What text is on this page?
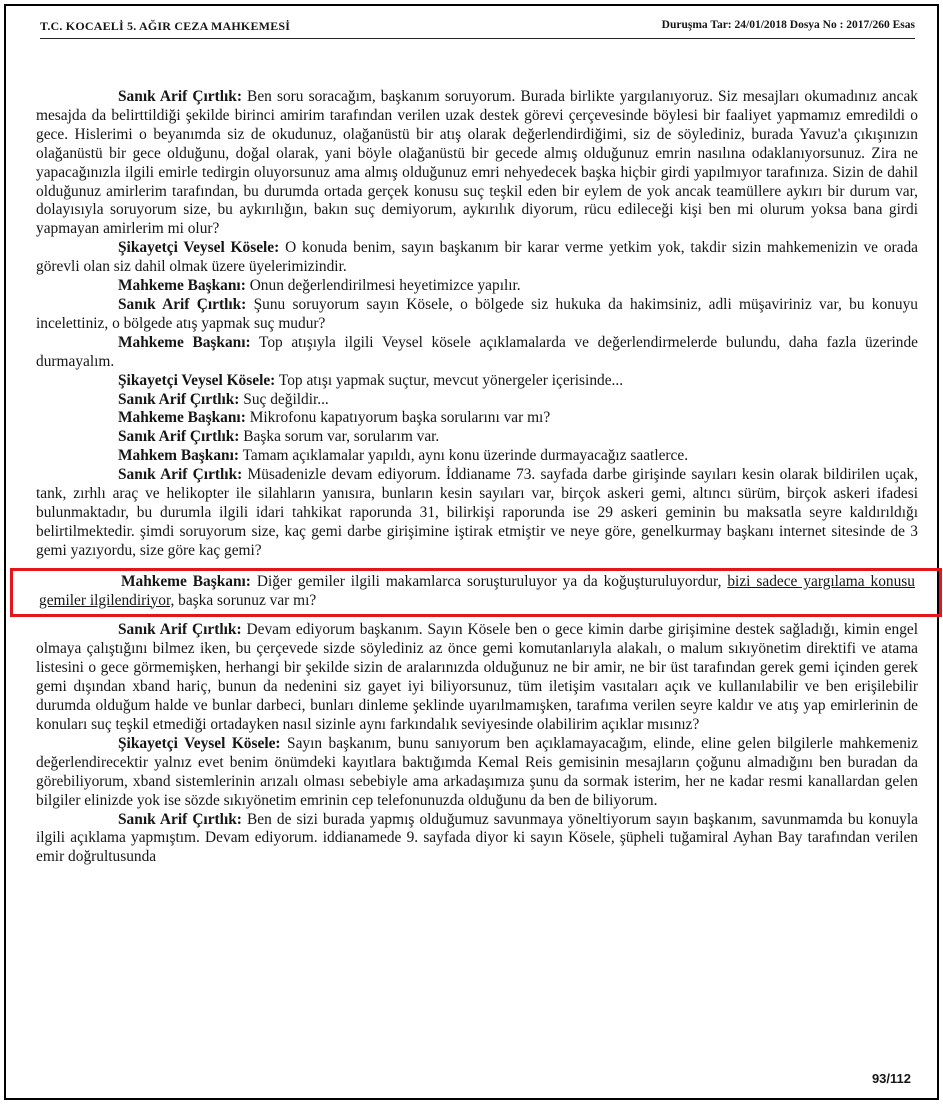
T.C. KOCAELİ 5. AĞIR CEZA MAHKEMESİ	Duruşma Tar: 24/01/2018 Dosya No : 2017/260 Esas

Sanık Arif Çırtlık: Ben soru soracağım, başkanım soruyorum. Burada birlikte yargılanıyoruz. Siz mesajları okumadınız ancak mesajda da belirttildiği şekilde birinci amirim tarafından verilen uzak destek görevi çerçevesinde böylesi bir faaliyet yapmamız emredildi o gece. Hislerimi o beyanımda siz de okudunuz, olağanüstü bir atış olarak değerlendirdiğimi, siz de söylediniz, burada Yavuz'a çıkışınızın olağanüstü bir gece olduğunu, doğal olarak, yani böyle olağanüstü bir gecede almış olduğunuz emrin nasılına odaklanıyorsunuz. Zira ne yapacağınızla ilgili emirle tedirgin oluyorsunuz ama almış olduğunuz emri nehyedecek başka hiçbir girdi yapılmıyor tarafınıza. Sizin de dahil olduğunuz amirlerim tarafından, bu durumda ortada gerçek konusu suç teşkil eden bir eylem de yok ancak teamüllere aykırı bir durum var, dolayısıyla soruyorum size, bu aykırılığın, bakın suç demiyorum, aykırılık diyorum, rücu edileceği kişi ben mi olurum yoksa bana girdi yapmayan amirlerim mi olur?

Şikayetçi Veysel Kösele: O konuda benim, sayın başkanım bir karar verme yetkim yok, takdir sizin mahkemenizin ve orada görevli olan siz dahil olmak üzere üyelerimizindir.

Mahkeme Başkanı: Onun değerlendirilmesi heyetimizce yapılır.

Sanık Arif Çırtlık: Şunu soruyorum sayın Kösele, o bölgede siz hukuka da hakimsiniz, adli müşaviriniz var, bu konuyu incelettiniz, o bölgede atış yapmak suç mudur?

Mahkeme Başkanı: Top atışıyla ilgili Veysel kösele açıklamalarda ve değerlendirmelerde bulundu, daha fazla üzerinde durmayalım.

Şikayetçi Veysel Kösele: Top atışı yapmak suçtur, mevcut yönergeler içerisinde...

Sanık Arif Çırtlık: Suç değildir...

Mahkeme Başkanı: Mikrofonu kapatıyorum başka sorularını var mı?

Sanık Arif Çırtlık: Başka sorum var, sorularım var.

Mahkem Başkanı: Tamam açıklamalar yapıldı, aynı konu üzerinde durmayacağız saatlerce.

Sanık Arif Çırtlık: Müsadenizle devam ediyorum. İddianame 73. sayfada darbe girişinde sayıları kesin olarak bildirilen uçak, tank, zırhlı araç ve helikopter ile silahların yanısıra, bunların kesin sayıları var, birçok askeri gemi, altıncı sürüm, birçok askeri ifadesi bulunmaktadır, bu durumla ilgili idari tahkikat raporunda 31, bilirkişi raporunda ise 29 askeri geminin bu maksatla seyre kaldırıldığı belirtilmektedir. şimdi soruyorum size, kaç gemi darbe girişimine iştirak etmiştir ve neye göre, genelkurmay başkanı internet sitesinde de 3 gemi yazıyordu, size göre kaç gemi?

Mahkeme Başkanı: Diğer gemiler ilgili makamlarca soruşturuluyor ya da koğuşturuluyordur, bizi sadece yargılama konusu gemiler ilgilendiriyor, başka sorunuz var mı?

Sanık Arif Çırtlık: Devam ediyorum başkanım. Sayın Kösele ben o gece kimin darbe girişimine destek sağladığı, kimin engel olmaya çalıştığını bilmez iken, bu çerçevede sizde söylediniz az önce gemi komutanlarıyla alakalı, o malum sıkıyönetim direktifi ve atama listesini o gece görmemişken, herhangi bir şekilde sizin de aralarınızda olduğunuz ne bir amir, ne bir üst tarafından gerek gemi içinden gerek gemi dışından xband hariç, bunun da nedenini siz gayet iyi biliyorsunuz, tüm iletişim vasıtaları açık ve kullanılabilir ve ben erişilebilir durumda olduğum halde ve bunlar darbeci, bunları dinleme şeklinde uyarılmamışken, tarafıma verilen seyre kaldır ve atış yap emirlerinin de konuları suç teşkil etmediği ortadayken nasıl sizinle aynı farkındalık seviyesinde olabilirim açıklar mısınız?

Şikayetçi Veysel Kösele: Sayın başkanım, bunu sanıyorum ben açıklamayacağım, elinde, eline gelen bilgilerle mahkemeniz değerlendirecektir yalnız evet benim önümdeki kayıtlara baktığımda Kemal Reis gemisinin mesajların çoğunu almadığını ben buradan da görebiliyorum, xband sistemlerinin arızalı olması sebebiyle ama arkadaşımıza şunu da sormak isterim, her ne kadar resmi kanallardan gelen bilgiler elinizde yok ise sözde sıkıyönetim emrinin cep telefonunuzda olduğunu da ben de biliyorum.

Sanık Arif Çırtlık: Ben de sizi burada yapmış olduğumuz savunmaya yöneltiyorum sayın başkanım, savunmamda bu konuyla ilgili açıklama yapmıştım. Devam ediyorum. iddianamede 9. sayfada diyor ki sayın Kösele, şüpheli tuğamiral Ayhan Bay tarafından verilen emir doğrultusunda

93/112
